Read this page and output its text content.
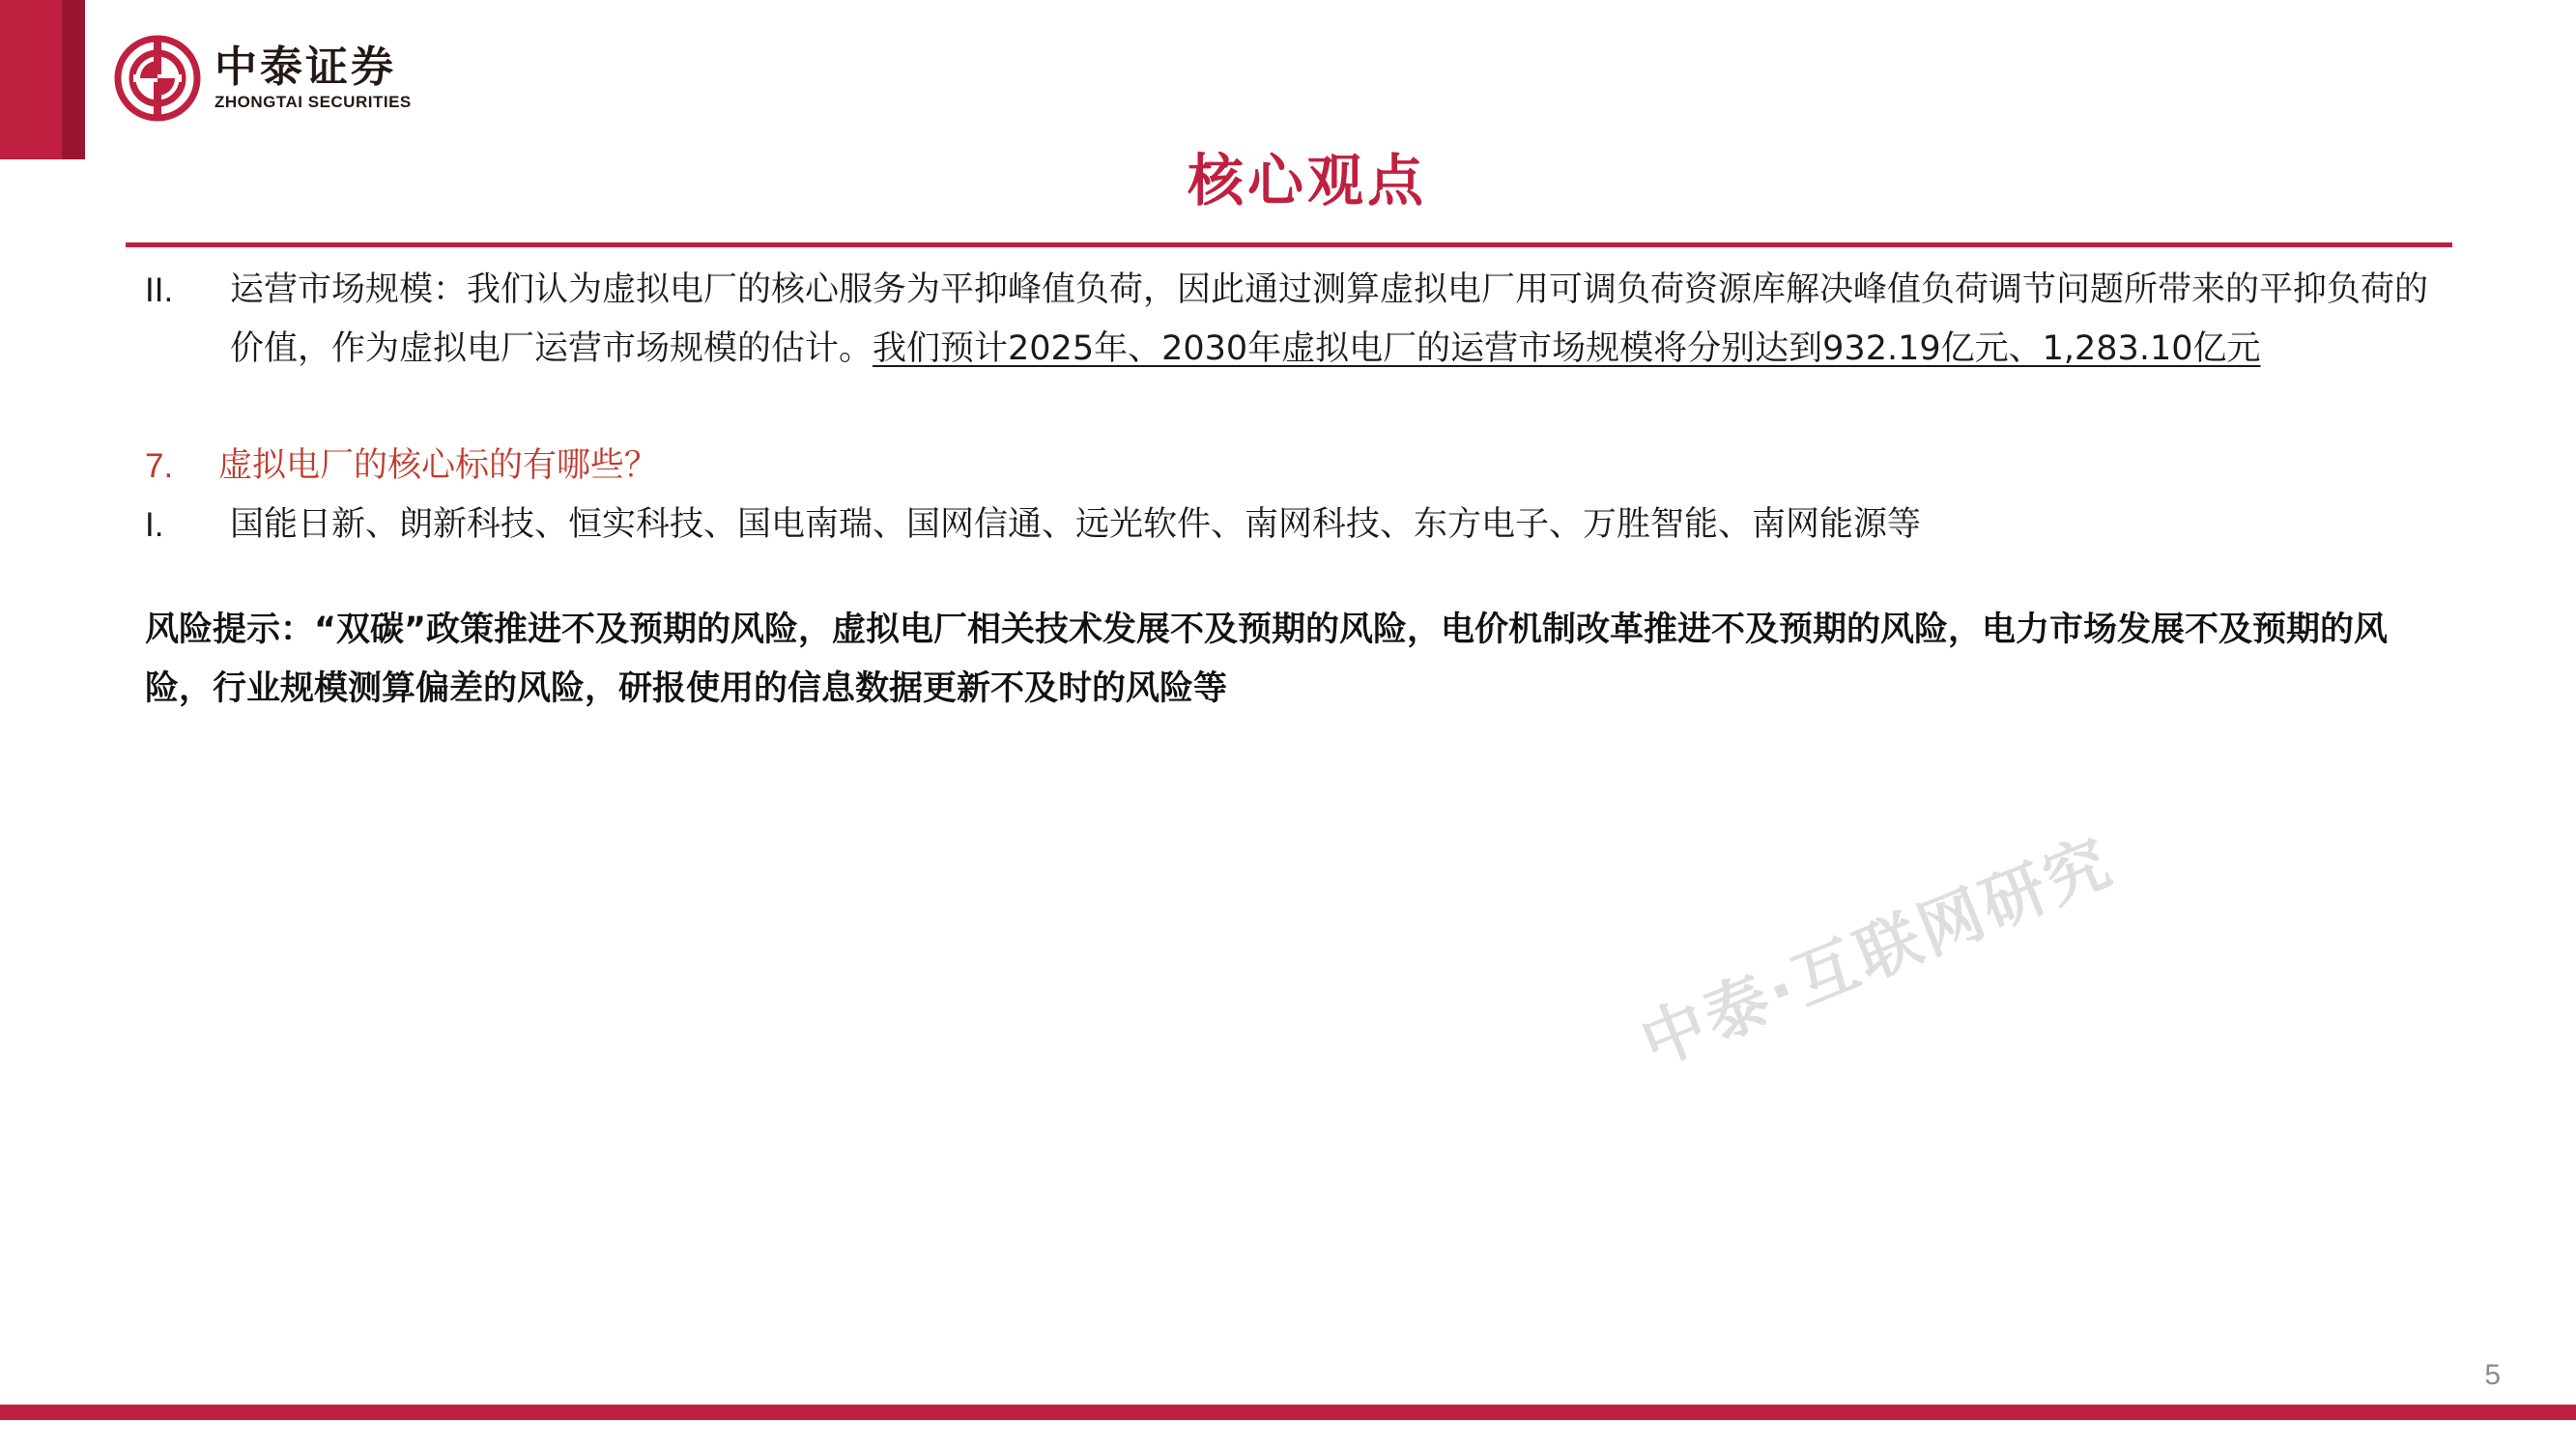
中泰证券
ZHONGTAI SECURITIES
核心观点
II.	运营市场规模：我们认为虚拟电厂的核心服务为平抑峰值负荷，因此通过测算虚拟电厂用可调负荷资源库解决峰值负荷调节问题所带来的平抑负荷的价值，作为虚拟电厂运营市场规模的估计。我们预计2025年、2030年虚拟电厂的运营市场规模将分别达到932.19亿元、1,283.10亿元
7.	虚拟电厂的核心标的有哪些？
I.	国能日新、朗新科技、恒实科技、国电南瑞、国网信通、远光软件、南网科技、东方电子、万胜智能、南网能源等
风险提示：“双碳”政策推进不及预期的风险，虚拟电厂相关技术发展不及预期的风险，电价机制改革推进不及预期的风险，电力市场发展不及预期的风险，行业规模测算偏差的风险，研报使用的信息数据更新不及时的风险等
中泰·互联网研究
5
